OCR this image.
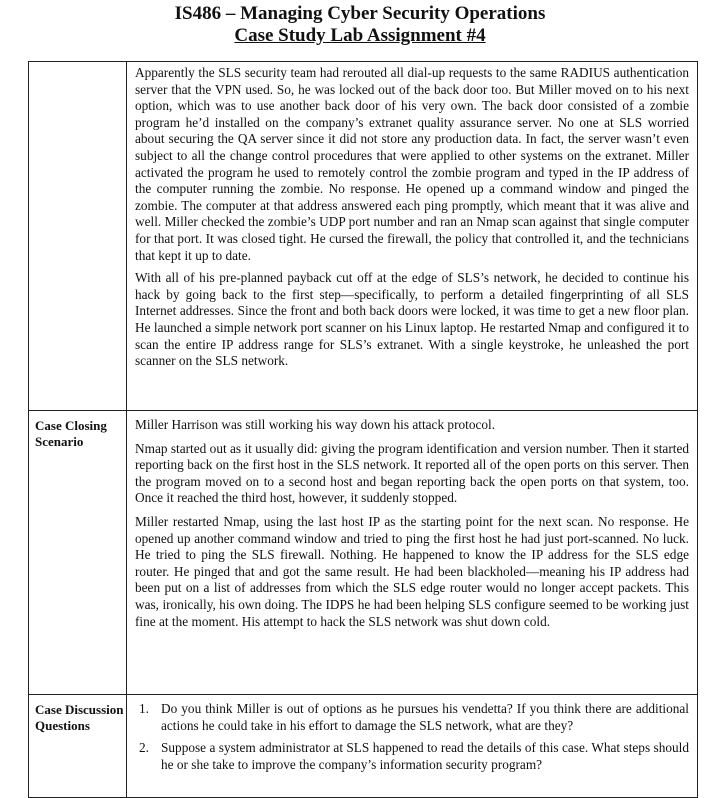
IS486 – Managing Cyber Security Operations
Case Study Lab Assignment #4

Apparently the SLS security team had rerouted all dial-up requests to the same RADIUS authentication server that the VPN used. So, he was locked out of the back door too. But Miller moved on to his next option, which was to use another back door of his very own. The back door consisted of a zombie program he’d installed on the company’s extranet quality assurance server. No one at SLS worried about securing the QA server since it did not store any production data. In fact, the server wasn’t even subject to all the change control procedures that were applied to other systems on the extranet. Miller activated the program he used to remotely control the zombie program and typed in the IP address of the computer running the zombie. No response. He opened up a command window and pinged the zombie. The computer at that address answered each ping promptly, which meant that it was alive and well. Miller checked the zombie’s UDP port number and ran an Nmap scan against that single computer for that port. It was closed tight. He cursed the firewall, the policy that controlled it, and the technicians that kept it up to date.

With all of his pre-planned payback cut off at the edge of SLS’s network, he decided to continue his hack by going back to the first step—specifically, to perform a detailed fingerprinting of all SLS Internet addresses. Since the front and both back doors were locked, it was time to get a new floor plan. He launched a simple network port scanner on his Linux laptop. He restarted Nmap and configured it to scan the entire IP address range for SLS’s extranet. With a single keystroke, he unleashed the port scanner on the SLS network.

Case Closing Scenario

Miller Harrison was still working his way down his attack protocol.

Nmap started out as it usually did: giving the program identification and version number. Then it started reporting back on the first host in the SLS network. It reported all of the open ports on this server. Then the program moved on to a second host and began reporting back the open ports on that system, too. Once it reached the third host, however, it suddenly stopped.

Miller restarted Nmap, using the last host IP as the starting point for the next scan. No response. He opened up another command window and tried to ping the first host he had just port-scanned. No luck. He tried to ping the SLS firewall. Nothing. He happened to know the IP address for the SLS edge router. He pinged that and got the same result. He had been blackholed—meaning his IP address had been put on a list of addresses from which the SLS edge router would no longer accept packets. This was, ironically, his own doing. The IDPS he had been helping SLS configure seemed to be working just fine at the moment. His attempt to hack the SLS network was shut down cold.

Case Discussion Questions
1. Do you think Miller is out of options as he pursues his vendetta? If you think there are additional actions he could take in his effort to damage the SLS network, what are they?
2. Suppose a system administrator at SLS happened to read the details of this case. What steps should he or she take to improve the company’s information security program?
